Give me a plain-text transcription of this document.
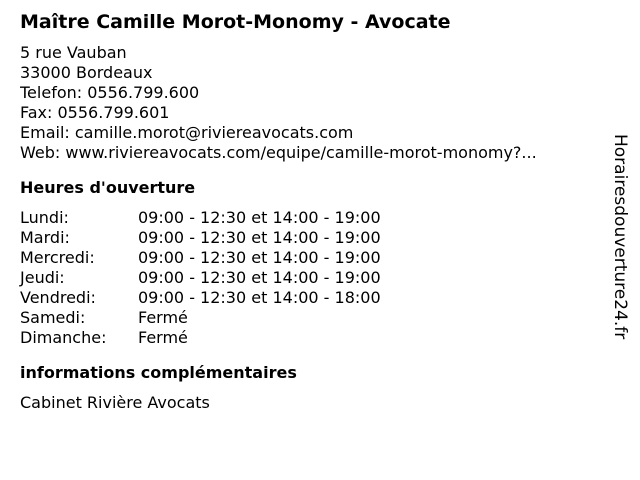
Maître Camille Morot-Monomy - Avocate
5 rue Vauban
33000 Bordeaux
Telefon: 0556.799.600
Fax: 0556.799.601
Email: camille.morot@riviereavocats.com
Web: www.riviereavocats.com/equipe/camille-morot-monomy?...
Heures d'ouverture
Lundi:	09:00 - 12:30 et 14:00 - 19:00
Mardi:	09:00 - 12:30 et 14:00 - 19:00
Mercredi:	09:00 - 12:30 et 14:00 - 19:00
Jeudi:	09:00 - 12:30 et 14:00 - 19:00
Vendredi:	09:00 - 12:30 et 14:00 - 18:00
Samedi:	Fermé
Dimanche:	Fermé
informations complémentaires
Cabinet Rivière Avocats
Horairesdouverture24.fr
